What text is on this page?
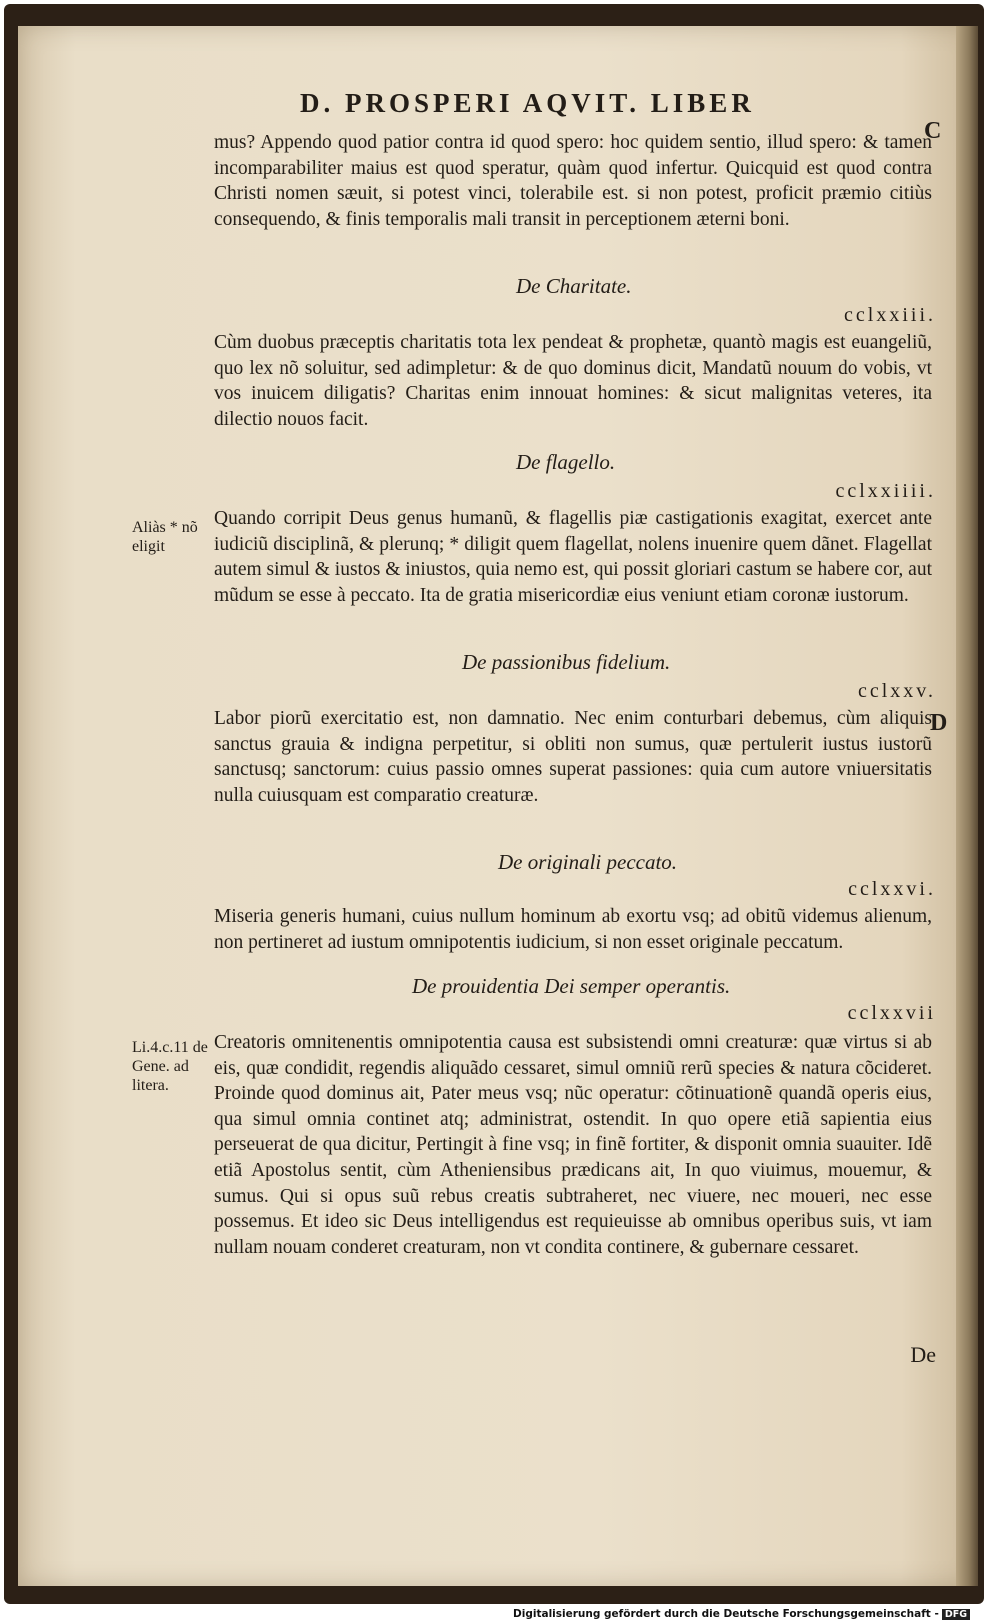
D. PROSPERI AQVIT. LIBER
C
D

mus? Appendo quod patior contra id quod spero: hoc quidem sentio, illud spero: & tamen incomparabiliter maius est quod speratur, quàm quod infertur. Quicquid est quod contra Christi nomen sæuit, si potest vinci, tolerabile est. si non potest, proficit præmio citiùs consequendo, & finis temporalis mali transit in perceptionem æterni boni.

De Charitate.
cclxxiii.

Cùm duobus præceptis charitatis tota lex pendeat & prophetæ, quantò magis est euangeliũ, quo lex nõ soluitur, sed adimpletur: & de quo dominus dicit, Mandatũ nouum do vobis, vt vos inuicem diligatis? Charitas enim innouat homines: & sicut malignitas veteres, ita dilectio nouos facit.

De flagello.
cclxxiiii.
Aliàs * nõ eligit

Quando corripit Deus genus humanũ, & flagellis piæ castigationis exagitat, exercet ante iudiciũ disciplinã, & plerunq; * diligit quem flagellat, nolens inuenire quem dãnet. Flagellat autem simul & iustos & iniustos, quia nemo est, qui possit gloriari castum se habere cor, aut mũdum se esse à peccato. Ita de gratia misericordiæ eius veniunt etiam coronæ iustorum.

De passionibus fidelium.
cclxxv.

Labor piorũ exercitatio est, non damnatio. Nec enim conturbari debemus, cùm aliquis sanctus grauia & indigna perpetitur, si obliti non sumus, quæ pertulerit iustus iustorũ sanctusq; sanctorum: cuius passio omnes superat passiones: quia cum autore vniuersitatis nulla cuiusquam est comparatio creaturæ.

De originali peccato.
cclxxvi.

Miseria generis humani, cuius nullum hominum ab exortu vsq; ad obitũ videmus alienum, non pertineret ad iustum omnipotentis iudicium, si non esset originale peccatum.

De prouidentia Dei semper operantis.
cclxxvii
Li.4.c.11 de Gene. ad litera.

Creatoris omnitenentis omnipotentia causa est subsistendi omni creaturæ: quæ virtus si ab eis, quæ condidit, regendis aliquãdo cessaret, simul omniũ rerũ species & natura cõcideret. Proinde quod dominus ait, Pater meus vsq; nũc operatur: cõtinuationẽ quandã operis eius, qua simul omnia continet atq; administrat, ostendit. In quo opere etiã sapientia eius perseuerat de qua dicitur, Pertingit à fine vsq; in finẽ fortiter, & disponit omnia suauiter. Idẽ etiã Apostolus sentit, cùm Atheniensibus prædicans ait, In quo viuimus, mouemur, & sumus. Qui si opus suũ rebus creatis subtraheret, nec viuere, nec moueri, nec esse possemus. Et ideo sic Deus intelligendus est requieuisse ab omnibus operibus suis, vt iam nullam nouam conderet creaturam, non vt condita continere, & gubernare cessaret.

De
Digitalisierung gefördert durch die Deutsche Forschungsgemeinschaft - DFG
